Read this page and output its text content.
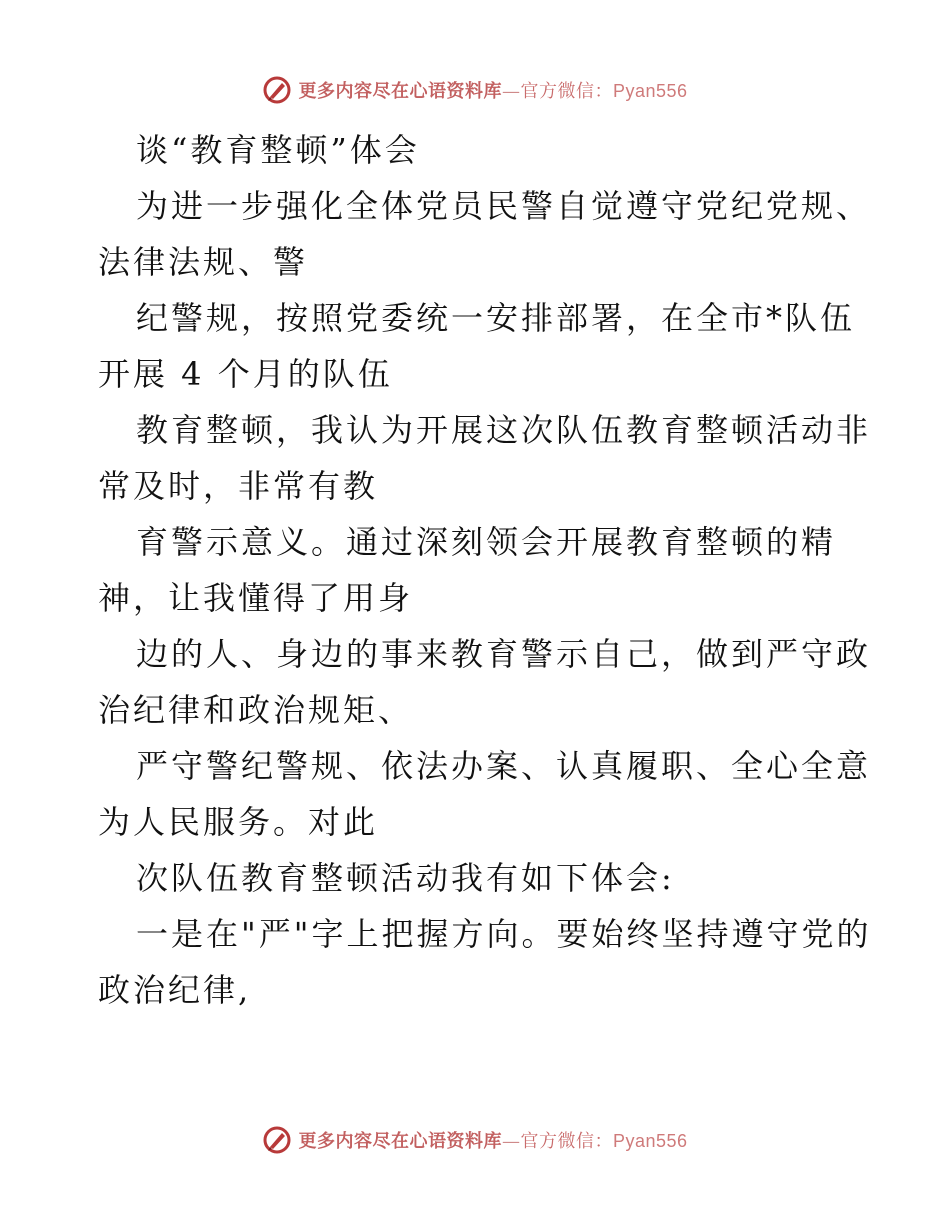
更多内容尽在心语资料库—官方微信：Pyan556
谈“教育整顿”体会
为进一步强化全体党员民警自觉遵守党纪党规、
法律法规、警
纪警规，按照党委统一安排部署，在全市*队伍
开展 4 个月的队伍
教育整顿，我认为开展这次队伍教育整顿活动非
常及时，非常有教
育警示意义。通过深刻领会开展教育整顿的精
神，让我懂得了用身
边的人、身边的事来教育警示自己，做到严守政
治纪律和政治规矩、
严守警纪警规、依法办案、认真履职、全心全意
为人民服务。对此
次队伍教育整顿活动我有如下体会:
一是在"严"字上把握方向。要始终坚持遵守党的
政治纪律,
更多内容尽在心语资料库—官方微信：Pyan556
